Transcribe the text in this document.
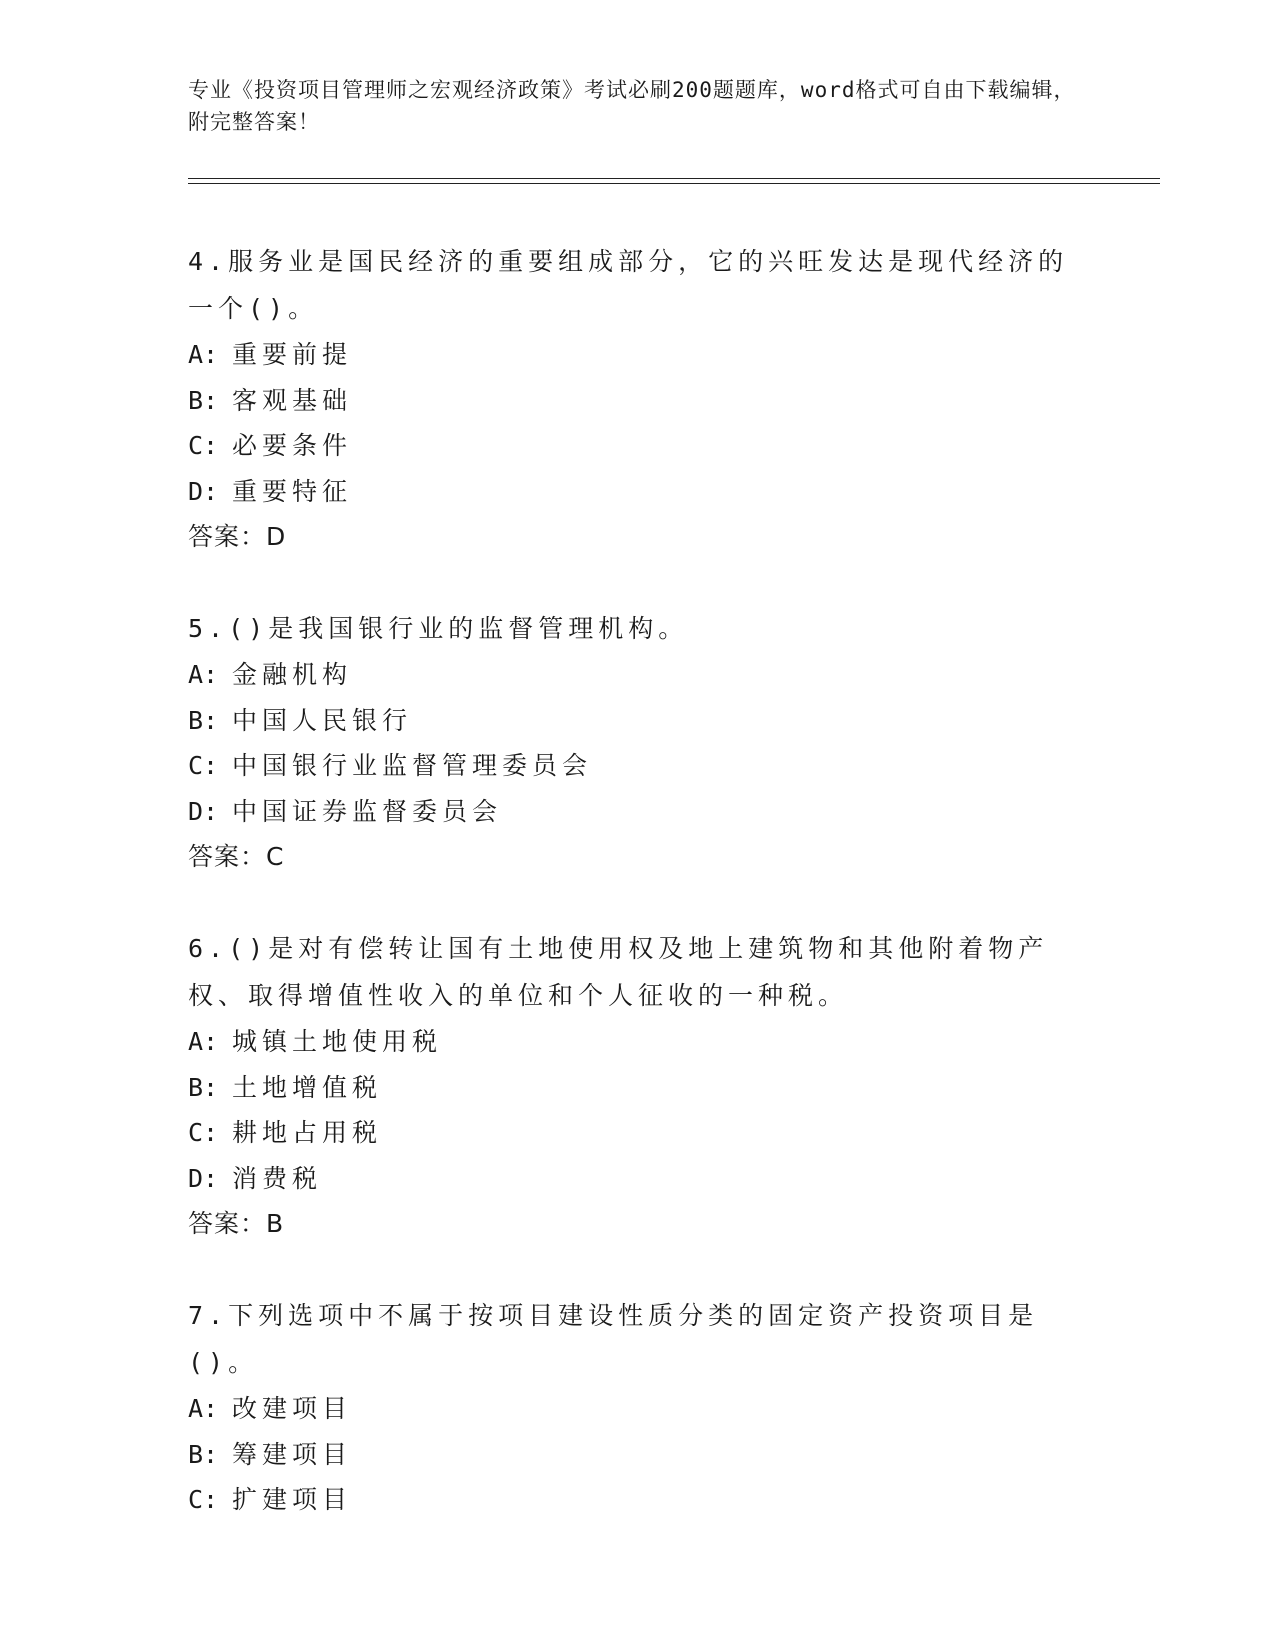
专业《投资项目管理师之宏观经济政策》考试必刷200题题库，word格式可自由下载编辑，附完整答案！
4.服务业是国民经济的重要组成部分，它的兴旺发达是现代经济的一个()。
A: 重要前提
B: 客观基础
C: 必要条件
D: 重要特征
答案：D
5.()是我国银行业的监督管理机构。
A: 金融机构
B: 中国人民银行
C: 中国银行业监督管理委员会
D: 中国证券监督委员会
答案：C
6.()是对有偿转让国有土地使用权及地上建筑物和其他附着物产权、取得增值性收入的单位和个人征收的一种税。
A: 城镇土地使用税
B: 土地增值税
C: 耕地占用税
D: 消费税
答案：B
7.下列选项中不属于按项目建设性质分类的固定资产投资项目是()。
A: 改建项目
B: 筹建项目
C: 扩建项目
